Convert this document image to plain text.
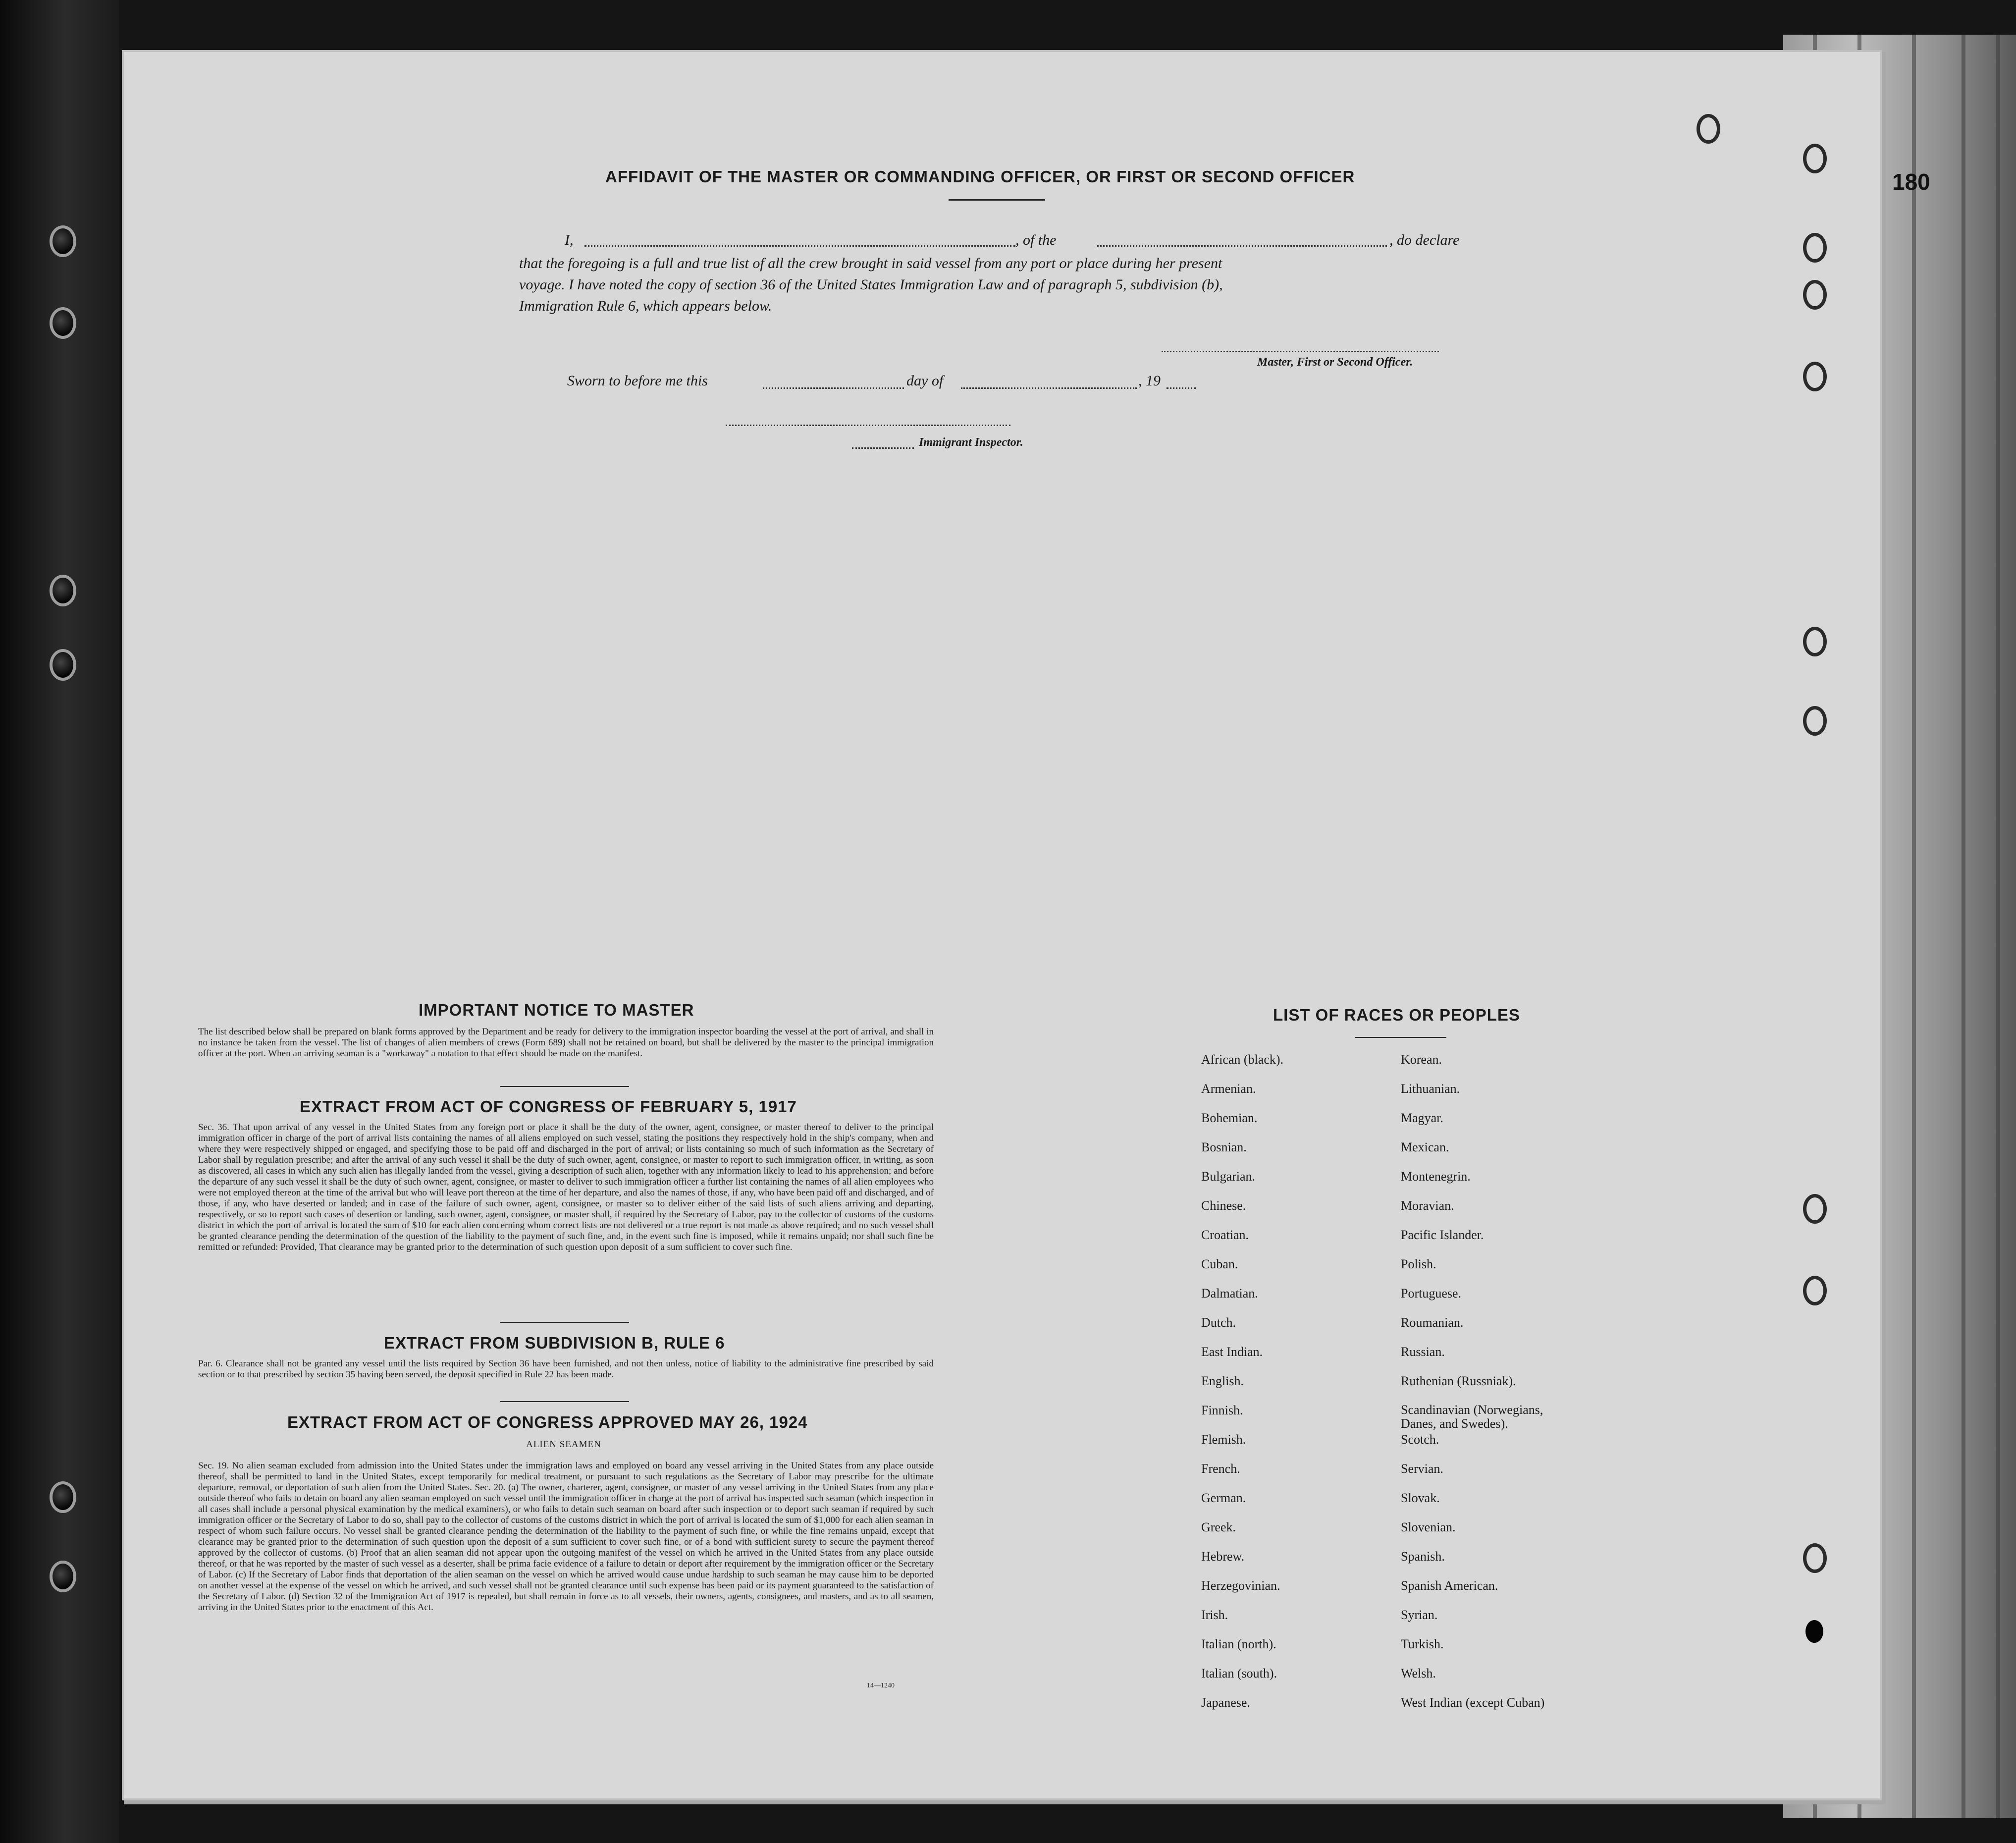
180
AFFIDAVIT OF THE MASTER OR COMMANDING OFFICER, OR FIRST OR SECOND OFFICER
I,	, of the	, do declare
that the foregoing is a full and true list of all the crew brought in said vessel from any port or place during her present
voyage. I have noted the copy of section 36 of the United States Immigration Law and of paragraph 5, subdivision (b),
Immigration Rule 6, which appears below.
Master, First or Second Officer.
Sworn to before me this	day of	, 19
Immigrant Inspector.
IMPORTANT NOTICE TO MASTER
The list described below shall be prepared on blank forms approved by the Department and be ready for delivery to the immigration inspector boarding the vessel at the port of arrival, and shall in no instance be taken from the vessel. The list of changes of alien members of crews (Form 689) shall not be retained on board, but shall be delivered by the master to the principal immigration officer at the port. When an arriving seaman is a "workaway" a notation to that effect should be made on the manifest.
EXTRACT FROM ACT OF CONGRESS OF FEBRUARY 5, 1917
Sec. 36. That upon arrival of any vessel in the United States from any foreign port or place it shall be the duty of the owner, agent, consignee, or master thereof to deliver to the principal immigration officer in charge of the port of arrival lists containing the names of all aliens employed on such vessel, stating the positions they respectively hold in the ship's company, when and where they were respectively shipped or engaged, and specifying those to be paid off and discharged in the port of arrival; or lists containing so much of such information as the Secretary of Labor shall by regulation prescribe; and after the arrival of any such vessel it shall be the duty of such owner, agent, consignee, or master to report to such immigration officer, in writing, as soon as discovered, all cases in which any such alien has illegally landed from the vessel, giving a description of such alien, together with any information likely to lead to his apprehension; and before the departure of any such vessel it shall be the duty of such owner, agent, consignee, or master to deliver to such immigration officer a further list containing the names of all alien employees who were not employed thereon at the time of the arrival but who will leave port thereon at the time of her departure, and also the names of those, if any, who have been paid off and discharged, and of those, if any, who have deserted or landed; and in case of the failure of such owner, agent, consignee, or master so to deliver either of the said lists of such aliens arriving and departing, respectively, or so to report such cases of desertion or landing, such owner, agent, consignee, or master shall, if required by the Secretary of Labor, pay to the collector of customs of the customs district in which the port of arrival is located the sum of $10 for each alien concerning whom correct lists are not delivered or a true report is not made as above required; and no such vessel shall be granted clearance pending the determination of the question of the liability to the payment of such fine, and, in the event such fine is imposed, while it remains unpaid; nor shall such fine be remitted or refunded: Provided, That clearance may be granted prior to the determination of such question upon deposit of a sum sufficient to cover such fine.
EXTRACT FROM SUBDIVISION B, RULE 6
Par. 6. Clearance shall not be granted any vessel until the lists required by Section 36 have been furnished, and not then unless, notice of liability to the administrative fine prescribed by said section or to that prescribed by section 35 having been served, the deposit specified in Rule 22 has been made.
EXTRACT FROM ACT OF CONGRESS APPROVED MAY 26, 1924
ALIEN SEAMEN
Sec. 19. No alien seaman excluded from admission into the United States under the immigration laws and employed on board any vessel arriving in the United States from any place outside thereof, shall be permitted to land in the United States, except temporarily for medical treatment, or pursuant to such regulations as the Secretary of Labor may prescribe for the ultimate departure, removal, or deportation of such alien from the United States. Sec. 20. (a) The owner, charterer, agent, consignee, or master of any vessel arriving in the United States from any place outside thereof who fails to detain on board any alien seaman employed on such vessel until the immigration officer in charge at the port of arrival has inspected such seaman (which inspection in all cases shall include a personal physical examination by the medical examiners), or who fails to detain such seaman on board after such inspection or to deport such seaman if required by such immigration officer or the Secretary of Labor to do so, shall pay to the collector of customs of the customs district in which the port of arrival is located the sum of $1,000 for each alien seaman in respect of whom such failure occurs. No vessel shall be granted clearance pending the determination of the liability to the payment of such fine, or while the fine remains unpaid, except that clearance may be granted prior to the determination of such question upon the deposit of a sum sufficient to cover such fine, or of a bond with sufficient surety to secure the payment thereof approved by the collector of customs. (b) Proof that an alien seaman did not appear upon the outgoing manifest of the vessel on which he arrived in the United States from any place outside thereof, or that he was reported by the master of such vessel as a deserter, shall be prima facie evidence of a failure to detain or deport after requirement by the immigration officer or the Secretary of Labor. (c) If the Secretary of Labor finds that deportation of the alien seaman on the vessel on which he arrived would cause undue hardship to such seaman he may cause him to be deported on another vessel at the expense of the vessel on which he arrived, and such vessel shall not be granted clearance until such expense has been paid or its payment guaranteed to the satisfaction of the Secretary of Labor. (d) Section 32 of the Immigration Act of 1917 is repealed, but shall remain in force as to all vessels, their owners, agents, consignees, and masters, and as to all seamen, arriving in the United States prior to the enactment of this Act.
14—1240
LIST OF RACES OR PEOPLES
African (black).
Armenian.
Bohemian.
Bosnian.
Bulgarian.
Chinese.
Croatian.
Cuban.
Dalmatian.
Dutch.
East Indian.
English.
Finnish.
Flemish.
French.
German.
Greek.
Hebrew.
Herzegovinian.
Irish.
Italian (north).
Italian (south).
Japanese.
Korean.
Lithuanian.
Magyar.
Mexican.
Montenegrin.
Moravian.
Pacific Islander.
Polish.
Portuguese.
Roumanian.
Russian.
Ruthenian (Russniak).
Scandinavian (Norwegians, Danes, and Swedes).
Scotch.
Servian.
Slovak.
Slovenian.
Spanish.
Spanish American.
Syrian.
Turkish.
Welsh.
West Indian (except Cuban)
